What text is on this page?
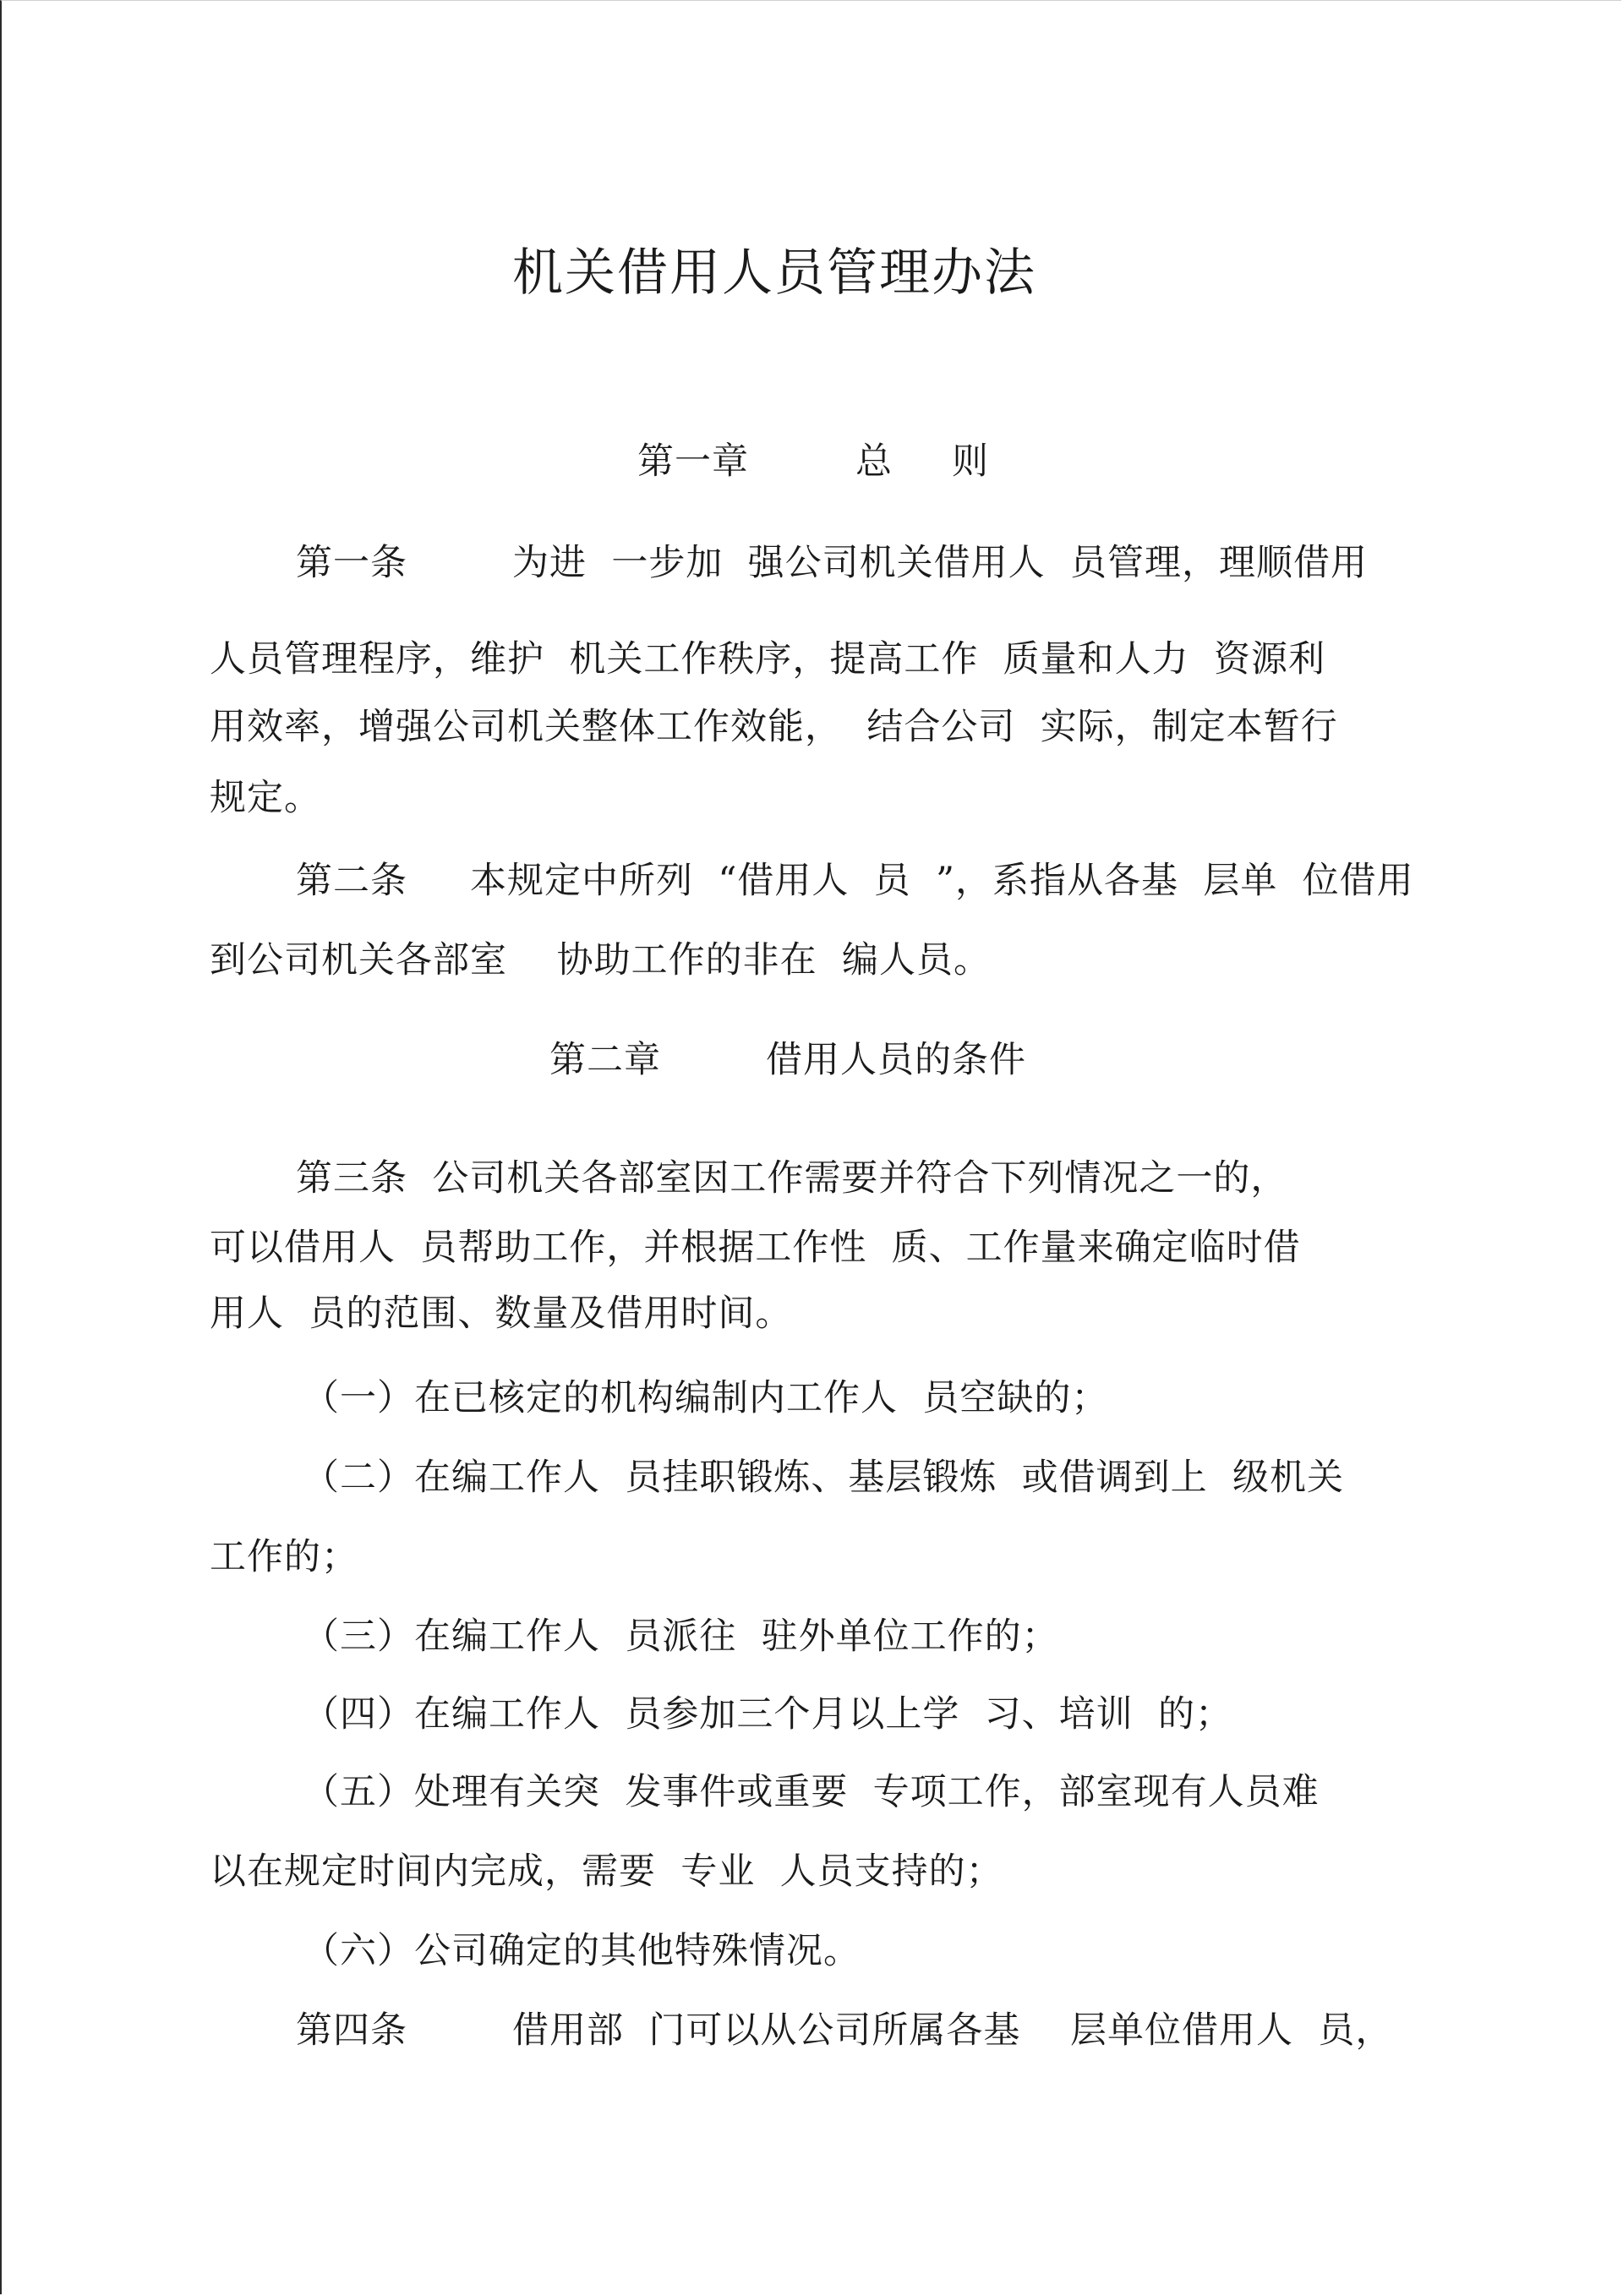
机关借用人员管理办法
第一章	总　则
第一条	为进  一步加  强公司机关借用人  员管理，理顺借用
人员管理程序，维护  机关工作秩序，提高工作  质量和人力  资源利
用效率，增强公司机关整体工作效能，  结合公司  实际，制定本暂行
规定。
第二条 本规定中所列  “借用人  员  ”，系指从各基  层单  位借用
到公司机关各部室    协助工作的非在  编人员。
第二章	借用人员的条件
第三条  公司机关各部室因工作需要并符合下列情况之一的，
可以借用人  员帮助工作，并根据工作性  质、工作量来确定临时借
用人  员的范围、数量及借用时间。
（一）在已核定的机构编制内工作人  员空缺的；
（二）在编工作人  员挂职锻炼、基层锻炼  或借调到上  级机关
工作的；
（三）在编工作人  员派往  驻外单位工作的；
（四）在编工作人  员参加三个月以上学  习、培训  的；
（五）处理有关突  发事件或重要  专项工作，部室现有人员难
以在规定时间内完成，需要  专业  人员支持的；
（六）公司确定的其他特殊情况。
第四条	借用部  门可以从公司所属各基    层单位借用人  员，
